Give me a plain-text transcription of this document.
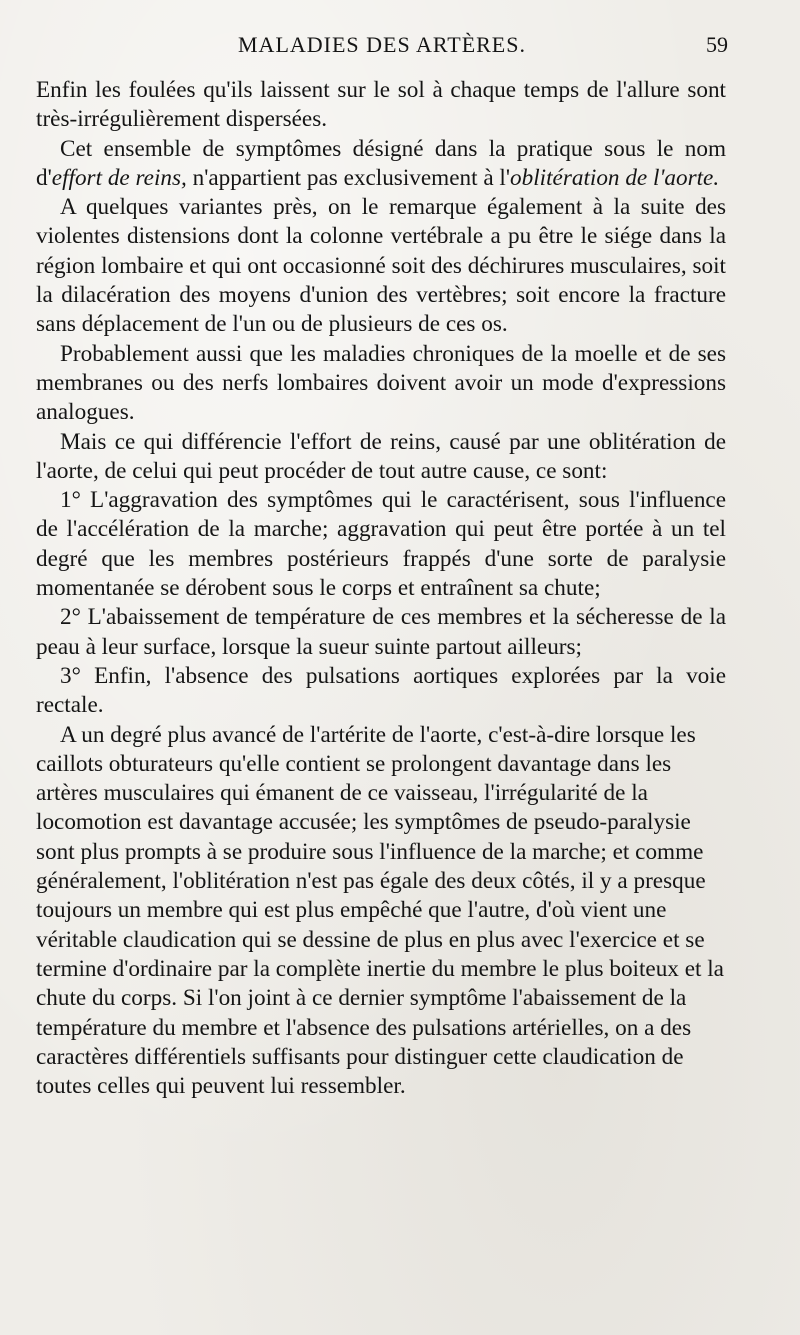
MALADIES DES ARTÈRES.	59

Enfin les foulées qu'ils laissent sur le sol à chaque temps de l'allure sont très-irrégulièrement dispersées.

Cet ensemble de symptômes désigné dans la pratique sous le nom d'effort de reins, n'appartient pas exclusivement à l'oblitération de l'aorte.

A quelques variantes près, on le remarque également à la suite des violentes distensions dont la colonne vertébrale a pu être le siége dans la région lombaire et qui ont occasionné soit des déchirures musculaires, soit la dilacération des moyens d'union des vertèbres; soit encore la fracture sans déplacement de l'un ou de plusieurs de ces os.

Probablement aussi que les maladies chroniques de la moelle et de ses membranes ou des nerfs lombaires doivent avoir un mode d'expressions analogues.

Mais ce qui différencie l'effort de reins, causé par une oblitération de l'aorte, de celui qui peut procéder de tout autre cause, ce sont:

1° L'aggravation des symptômes qui le caractérisent, sous l'influence de l'accélération de la marche; aggravation qui peut être portée à un tel degré que les membres postérieurs frappés d'une sorte de paralysie momentanée se dérobent sous le corps et entraînent sa chute;

2° L'abaissement de température de ces membres et la sécheresse de la peau à leur surface, lorsque la sueur suinte partout ailleurs;

3° Enfin, l'absence des pulsations aortiques explorées par la voie rectale.

A un degré plus avancé de l'artérite de l'aorte, c'est-à-dire lorsque les caillots obturateurs qu'elle contient se prolongent davantage dans les artères musculaires qui émanent de ce vaisseau, l'irrégularité de la locomotion est davantage accusée; les symptômes de pseudo-paralysie sont plus prompts à se produire sous l'influence de la marche; et comme généralement, l'oblitération n'est pas égale des deux côtés, il y a presque toujours un membre qui est plus empêché que l'autre, d'où vient une véritable claudication qui se dessine de plus en plus avec l'exercice et se termine d'ordinaire par la complète inertie du membre le plus boiteux et la chute du corps. Si l'on joint à ce dernier symptôme l'abaissement de la température du membre et l'absence des pulsations artérielles, on a des caractères différentiels suffisants pour distinguer cette claudication de toutes celles qui peuvent lui ressembler.
